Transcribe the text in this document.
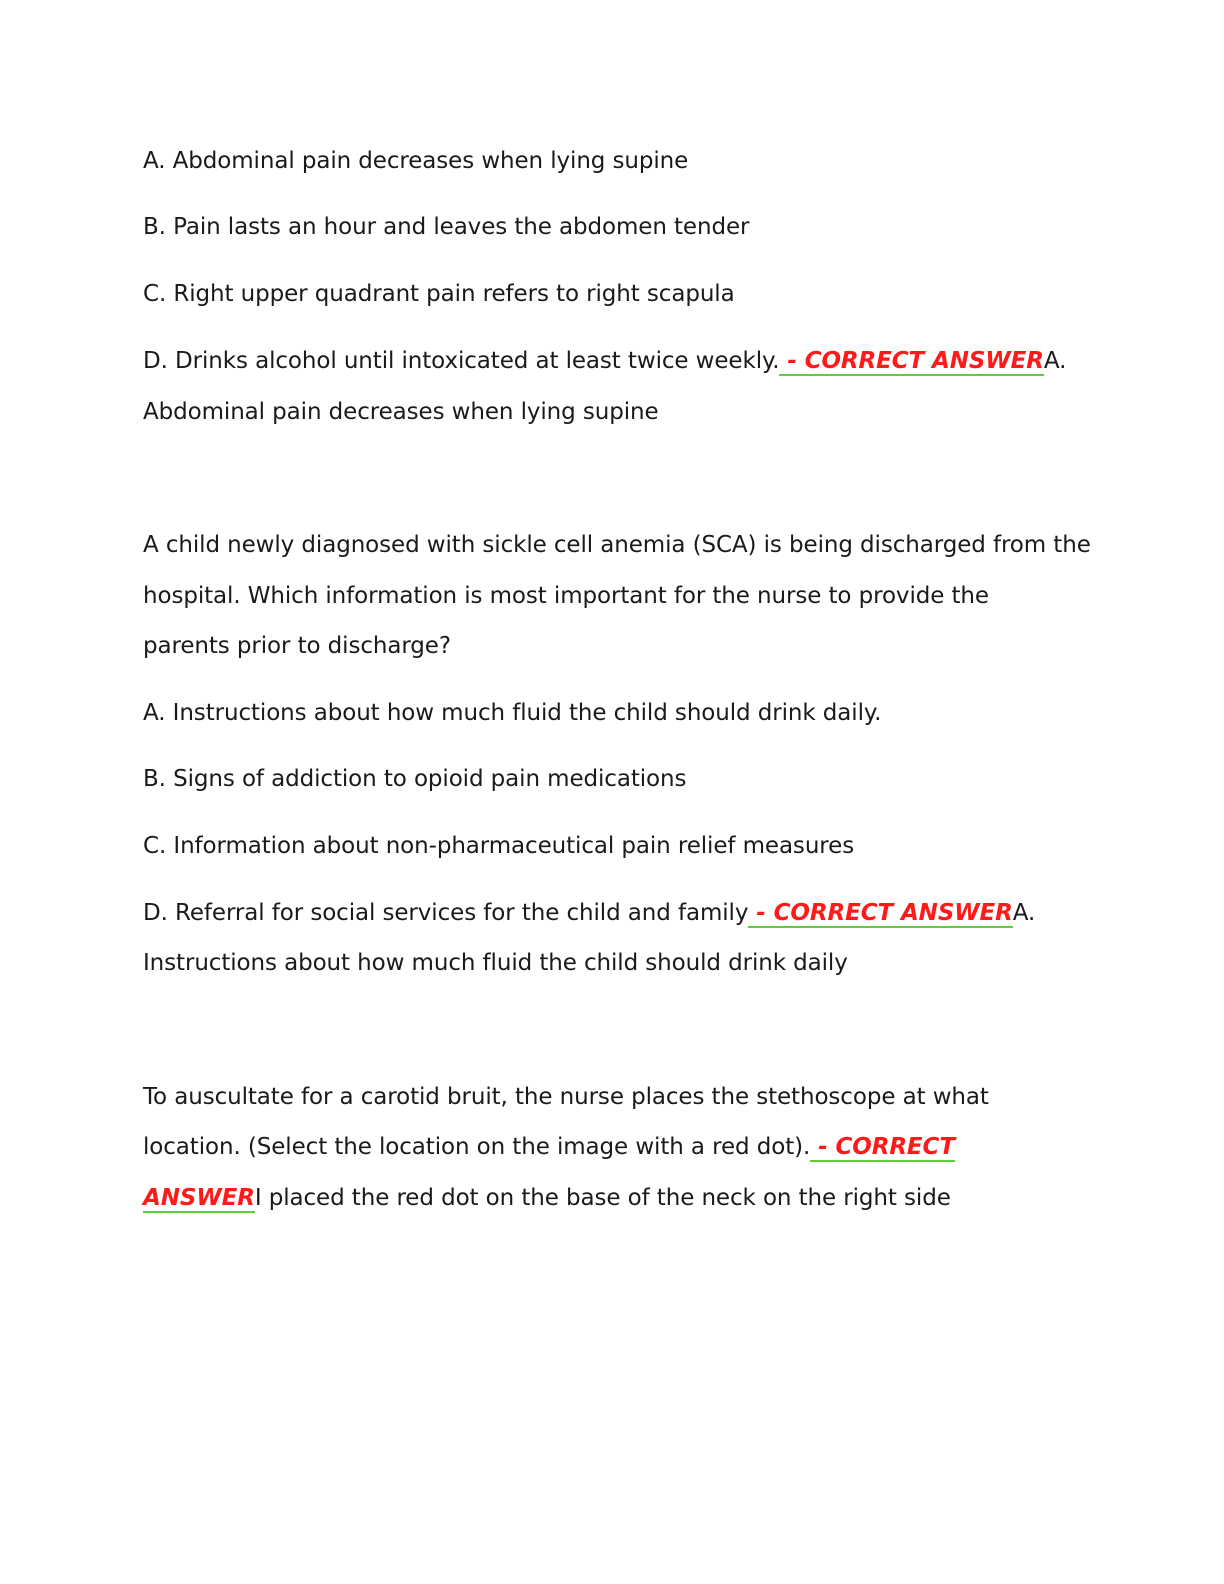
A. Abdominal pain decreases when lying supine
B. Pain lasts an hour and leaves the abdomen tender
C. Right upper quadrant pain refers to right scapula
D. Drinks alcohol until intoxicated at least twice weekly. - CORRECT ANSWERA.
Abdominal pain decreases when lying supine
A child newly diagnosed with sickle cell anemia (SCA) is being discharged from the
hospital. Which information is most important for the nurse to provide the
parents prior to discharge?
A. Instructions about how much fluid the child should drink daily.
B. Signs of addiction to opioid pain medications
C. Information about non-pharmaceutical pain relief measures
D. Referral for social services for the child and family - CORRECT ANSWERA.
Instructions about how much fluid the child should drink daily
To auscultate for a carotid bruit, the nurse places the stethoscope at what
location. (Select the location on the image with a red dot). - CORRECT
ANSWERI placed the red dot on the base of the neck on the right side
